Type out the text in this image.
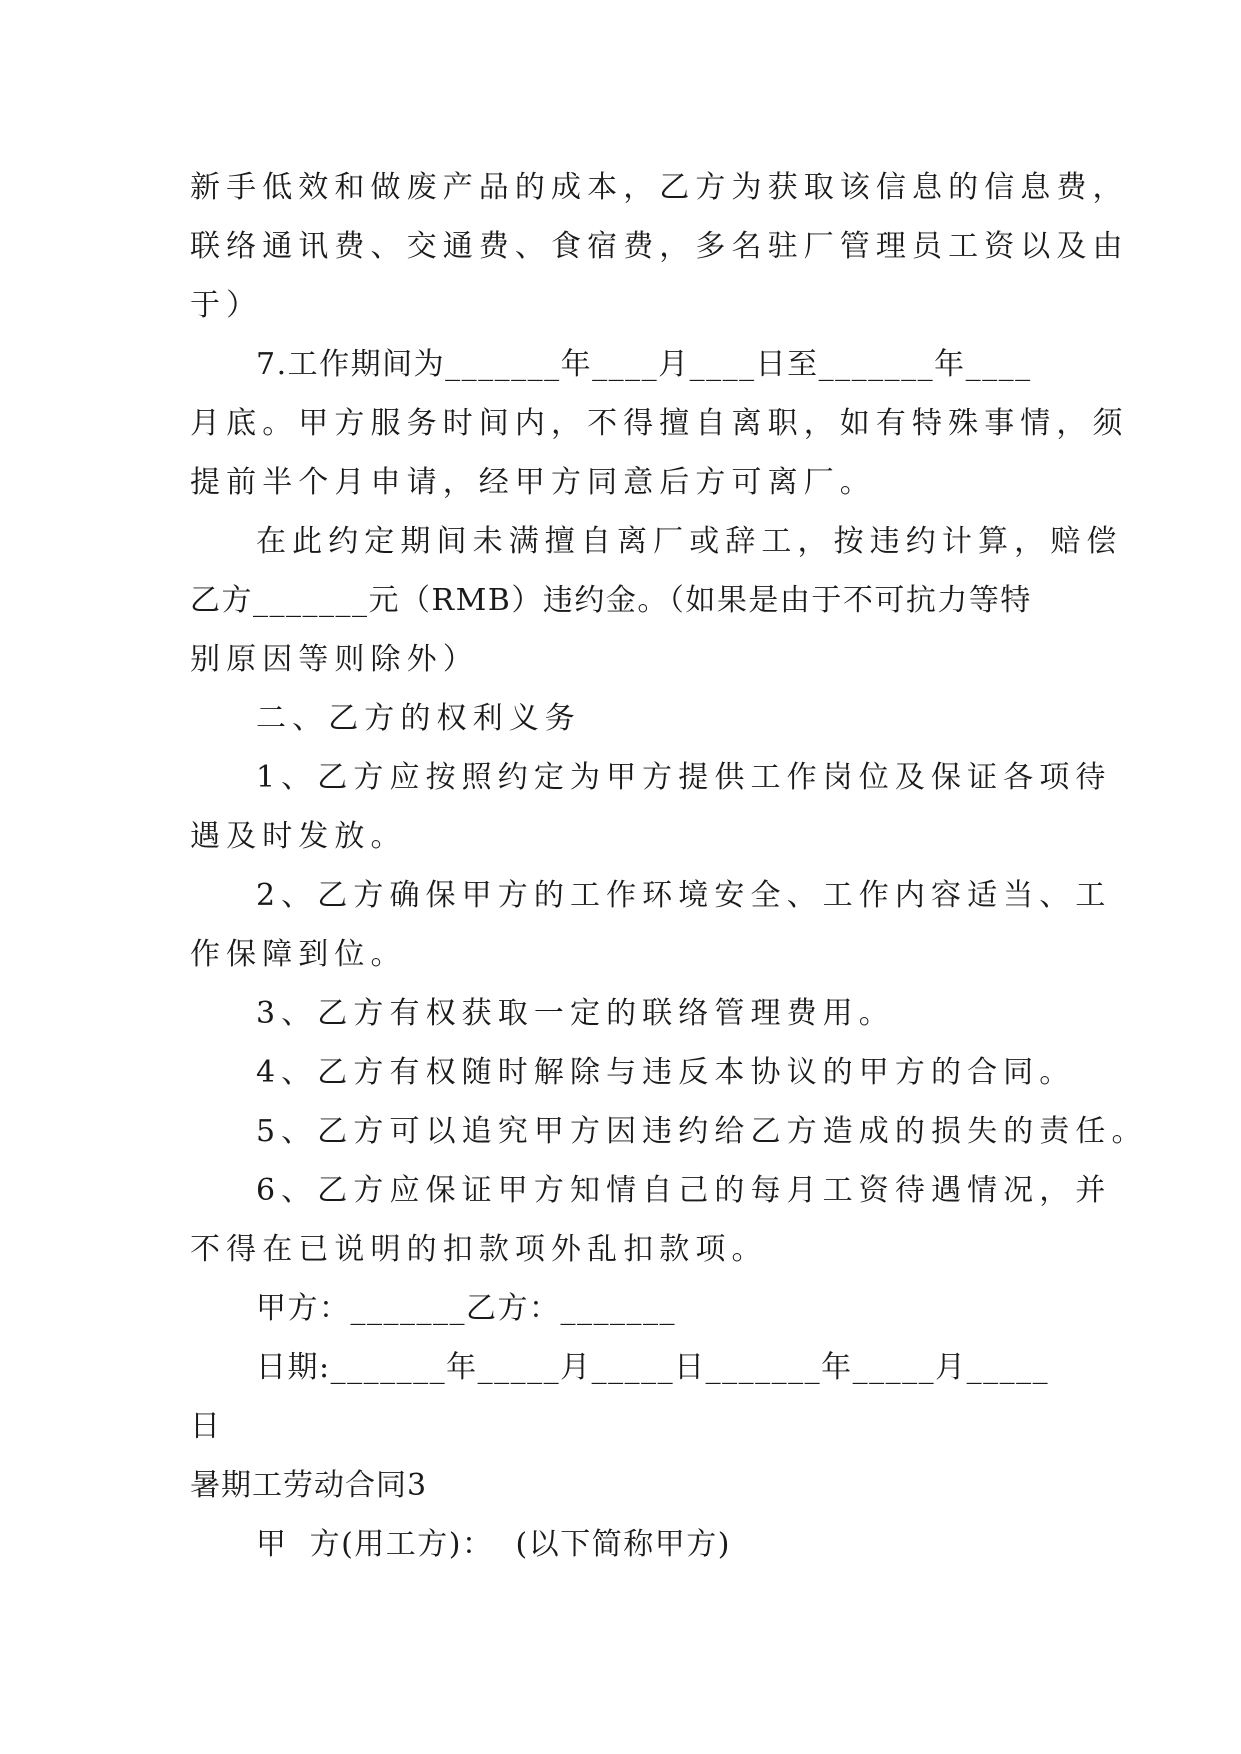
新手低效和做废产品的成本，乙方为获取该信息的信息费，
联络通讯费、交通费、食宿费，多名驻厂管理员工资以及由
于）
7.工作期间为_______年____月____日至_______年____
月底。甲方服务时间内，不得擅自离职，如有特殊事情，须
提前半个月申请，经甲方同意后方可离厂。
在此约定期间未满擅自离厂或辞工，按违约计算，赔偿
乙方_______元（RMB）违约金。（如果是由于不可抗力等特
别原因等则除外）
二、乙方的权利义务
1、乙方应按照约定为甲方提供工作岗位及保证各项待
遇及时发放。
2、乙方确保甲方的工作环境安全、工作内容适当、工
作保障到位。
3、乙方有权获取一定的联络管理费用。
4、乙方有权随时解除与违反本协议的甲方的合同。
5、乙方可以追究甲方因违约给乙方造成的损失的责任。
6、乙方应保证甲方知情自己的每月工资待遇情况，并
不得在已说明的扣款项外乱扣款项。
甲方：_______乙方：_______
日期:_______年_____月_____日_______年_____月_____
日
暑期工劳动合同3
甲  方(用工方)：  (以下简称甲方)
